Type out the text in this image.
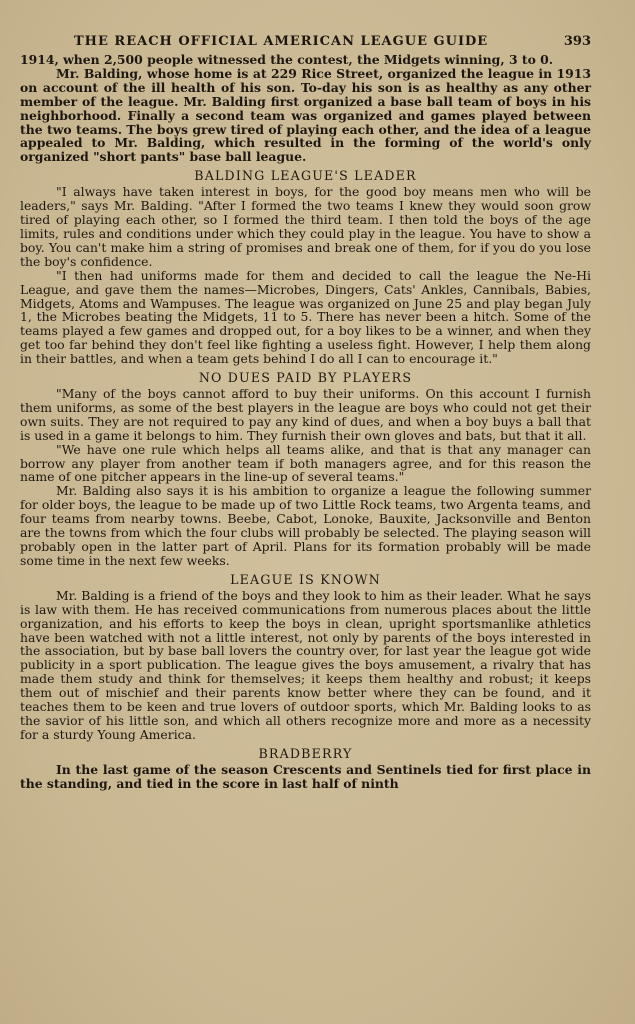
THE REACH OFFICIAL AMERICAN LEAGUE GUIDE	393

1914, when 2,500 people witnessed the contest, the Midgets winning, 3 to 0.

Mr. Balding, whose home is at 229 Rice Street, organized the league in 1913 on account of the ill health of his son. To-day his son is as healthy as any other member of the league. Mr. Balding first organized a base ball team of boys in his neighborhood. Finally a second team was organized and games played between the two teams. The boys grew tired of playing each other, and the idea of a league appealed to Mr. Balding, which resulted in the forming of the world's only organized "short pants" base ball league.

BALDING LEAGUE'S LEADER

"I always have taken interest in boys, for the good boy means men who will be leaders," says Mr. Balding. "After I formed the two teams I knew they would soon grow tired of playing each other, so I formed the third team. I then told the boys of the age limits, rules and conditions under which they could play in the league. You have to show a boy. You can't make him a string of promises and break one of them, for if you do you lose the boy's confidence.

"I then had uniforms made for them and decided to call the league the Ne-Hi League, and gave them the names—Microbes, Dingers, Cats' Ankles, Cannibals, Babies, Midgets, Atoms and Wampuses. The league was organized on June 25 and play began July 1, the Microbes beating the Midgets, 11 to 5. There has never been a hitch. Some of the teams played a few games and dropped out, for a boy likes to be a winner, and when they get too far behind they don't feel like fighting a useless fight. However, I help them along in their battles, and when a team gets behind I do all I can to encourage it."

NO DUES PAID BY PLAYERS

"Many of the boys cannot afford to buy their uniforms. On this account I furnish them uniforms, as some of the best players in the league are boys who could not get their own suits. They are not required to pay any kind of dues, and when a boy buys a ball that is used in a game it belongs to him. They furnish their own gloves and bats, but that it all.

"We have one rule which helps all teams alike, and that is that any manager can borrow any player from another team if both managers agree, and for this reason the name of one pitcher appears in the line-up of several teams."

Mr. Balding also says it is his ambition to organize a league the following summer for older boys, the league to be made up of two Little Rock teams, two Argenta teams, and four teams from nearby towns. Beebe, Cabot, Lonoke, Bauxite, Jacksonville and Benton are the towns from which the four clubs will probably be selected. The playing season will probably open in the latter part of April. Plans for its formation probably will be made some time in the next few weeks.

LEAGUE IS KNOWN

Mr. Balding is a friend of the boys and they look to him as their leader. What he says is law with them. He has received communications from numerous places about the little organization, and his efforts to keep the boys in clean, upright sportsmanlike athletics have been watched with not a little interest, not only by parents of the boys interested in the association, but by base ball lovers the country over, for last year the league got wide publicity in a sport publication. The league gives the boys amusement, a rivalry that has made them study and think for themselves; it keeps them healthy and robust; it keeps them out of mischief and their parents know better where they can be found, and it teaches them to be keen and true lovers of outdoor sports, which Mr. Balding looks to as the savior of his little son, and which all others recognize more and more as a necessity for a sturdy Young America.

BRADBERRY

In the last game of the season Crescents and Sentinels tied for first place in the standing, and tied in the score in last half of ninth
